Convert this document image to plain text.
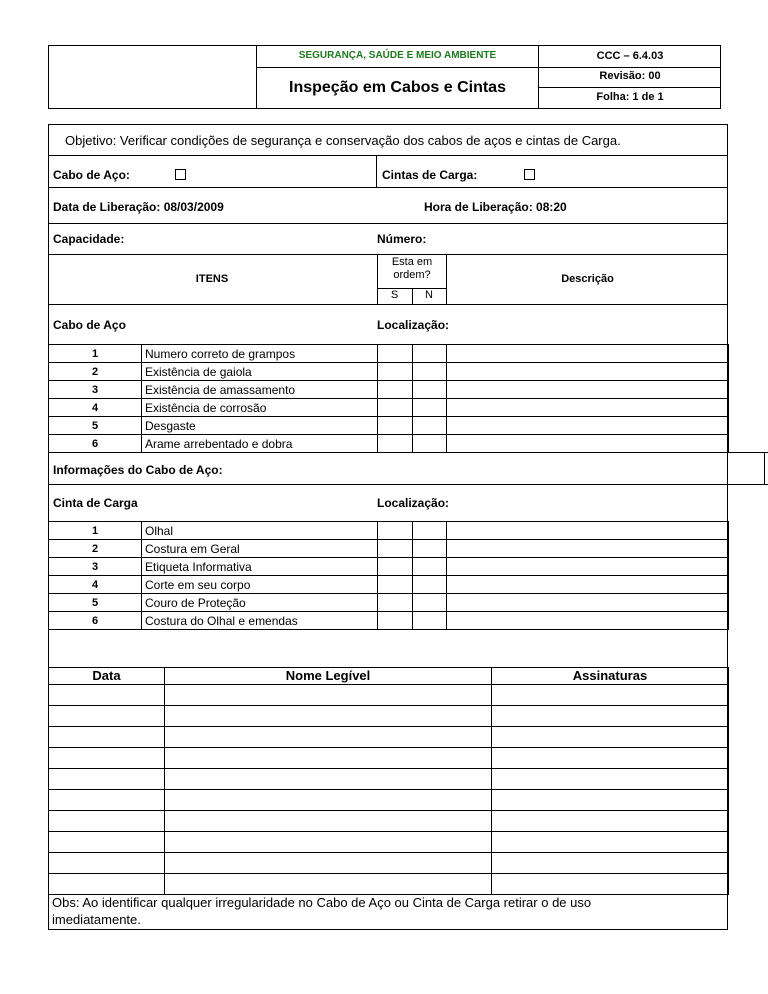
SEGURANÇA, SAÚDE E MEIO AMBIENTE
Inspeção em Cabos e Cintas
CCC – 6.4.03
Revisão: 00
Folha: 1 de 1
Objetivo: Verificar condições de segurança e conservação dos cabos de aços e cintas de Carga.
Cabo de Aço:	Cintas de Carga:
Data de Liberação: 08/03/2009	Hora de Liberação: 08:20
Capacidade:	Número:
ITENS
Esta em
ordem?
S	N
Descrição
Cabo de Aço	Localização:
1	Numero correto de grampos			
2	Existência de gaiola			
3	Existência de amassamento			
4	Existência de corrosão			
5	Desgaste			
6	Arame arrebentado e dobra			
Informações do Cabo de Aço:
Cinta de Carga	Localização:
1	Olhal			
2	Costura em Geral			
3	Etiqueta Informativa			
4	Corte em seu corpo			
5	Couro de Proteção			
6	Costura do Olhal e emendas			
Data	Nome Legível	Assinaturas

Obs: Ao identificar qualquer irregularidade no Cabo de Aço ou Cinta de Carga retirar o de uso
imediatamente.
